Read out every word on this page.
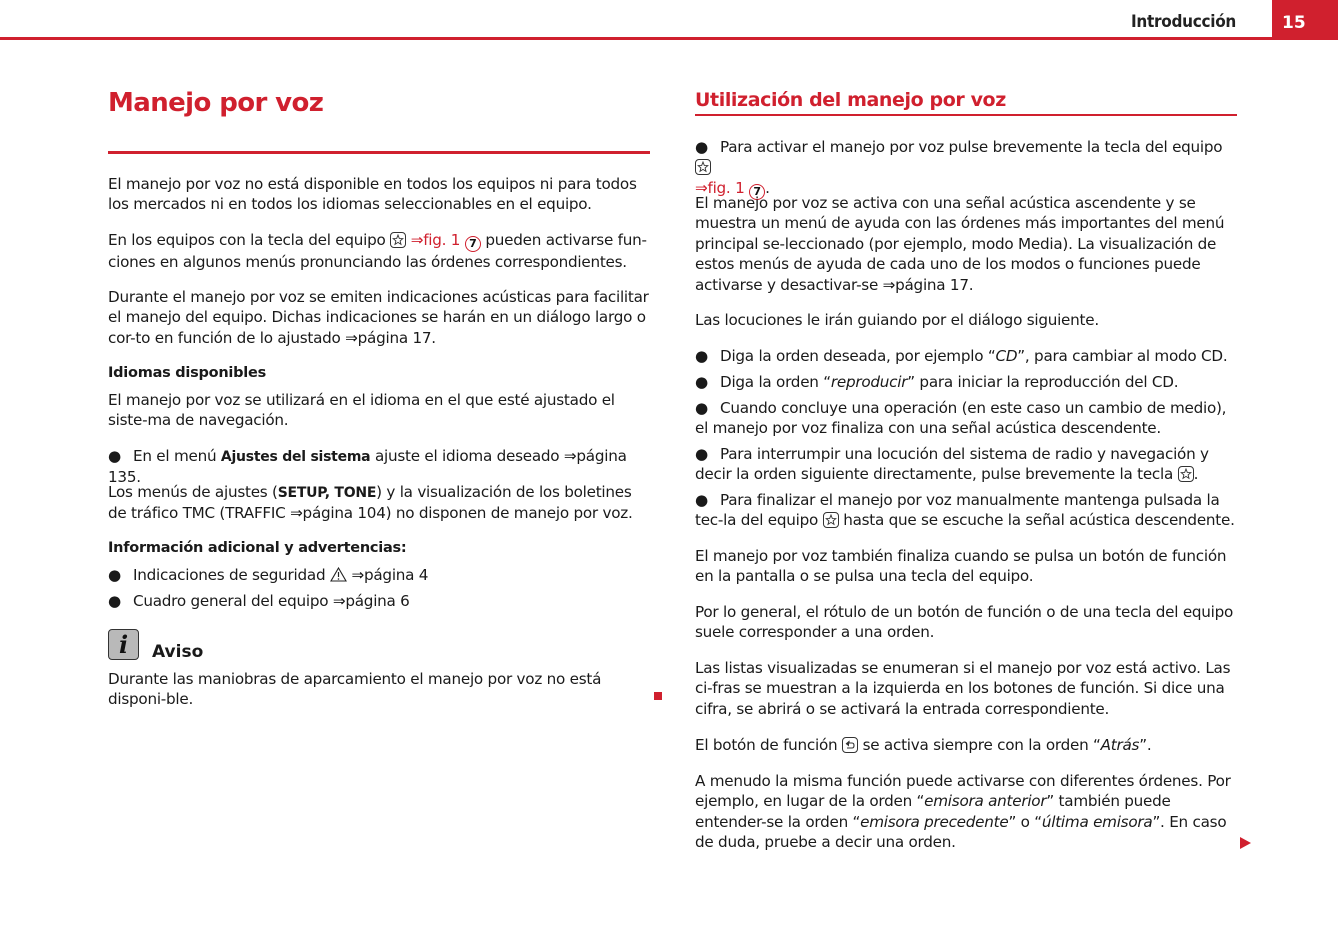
Introducción	15
Manejo por voz

El manejo por voz no está disponible en todos los equipos ni para todos los mercados ni en todos los idiomas seleccionables en el equipo.

En los equipos con la tecla del equipo ⇒fig. 1 7 pueden activarse fun-ciones en algunos menús pronunciando las órdenes correspondientes.

Durante el manejo por voz se emiten indicaciones acústicas para facilitar el manejo del equipo. Dichas indicaciones se harán en un diálogo largo o cor-to en función de lo ajustado ⇒página 17.

Idiomas disponibles

El manejo por voz se utilizará en el idioma en el que esté ajustado el siste-ma de navegación.

● En el menú Ajustes del sistema ajuste el idioma deseado ⇒página 135.

Los menús de ajustes (SETUP, TONE) y la visualización de los boletines de tráfico TMC (TRAFFIC ⇒página 104) no disponen de manejo por voz.

Información adicional y advertencias:

● Indicaciones de seguridad ⇒página 4

● Cuadro general del equipo ⇒página 6

Durante las maniobras de aparcamiento el manejo por voz no está disponi-ble.

i	Aviso
Utilización del manejo por voz

● Para activar el manejo por voz pulse brevemente la tecla del equipo

⇒fig. 1 7 .

El manejo por voz se activa con una señal acústica ascendente y se muestra un menú de ayuda con las órdenes más importantes del menú principal se-leccionado (por ejemplo, modo Media). La visualización de estos menús de ayuda de cada uno de los modos o funciones puede activarse y desactivar-se ⇒página 17.

Las locuciones le irán guiando por el diálogo siguiente.

● Diga la orden deseada, por ejemplo “CD”, para cambiar al modo CD.

● Diga la orden “reproducir” para iniciar la reproducción del CD.

● Cuando concluye una operación (en este caso un cambio de medio), el manejo por voz finaliza con una señal acústica descendente.

● Para interrumpir una locución del sistema de radio y navegación y decir la orden siguiente directamente, pulse brevemente la tecla .

● Para finalizar el manejo por voz manualmente mantenga pulsada la tec-la del equipo hasta que se escuche la señal acústica descendente.

El manejo por voz también finaliza cuando se pulsa un botón de función en la pantalla o se pulsa una tecla del equipo.

Por lo general, el rótulo de un botón de función o de una tecla del equipo suele corresponder a una orden.

Las listas visualizadas se enumeran si el manejo por voz está activo. Las ci-fras se muestran a la izquierda en los botones de función. Si dice una cifra, se abrirá o se activará la entrada correspondiente.

El botón de función se activa siempre con la orden “Atrás”.

A menudo la misma función puede activarse con diferentes órdenes. Por ejemplo, en lugar de la orden “emisora anterior” también puede entender-se la orden “emisora precedente” o “última emisora”. En caso de duda, pruebe a decir una orden.
